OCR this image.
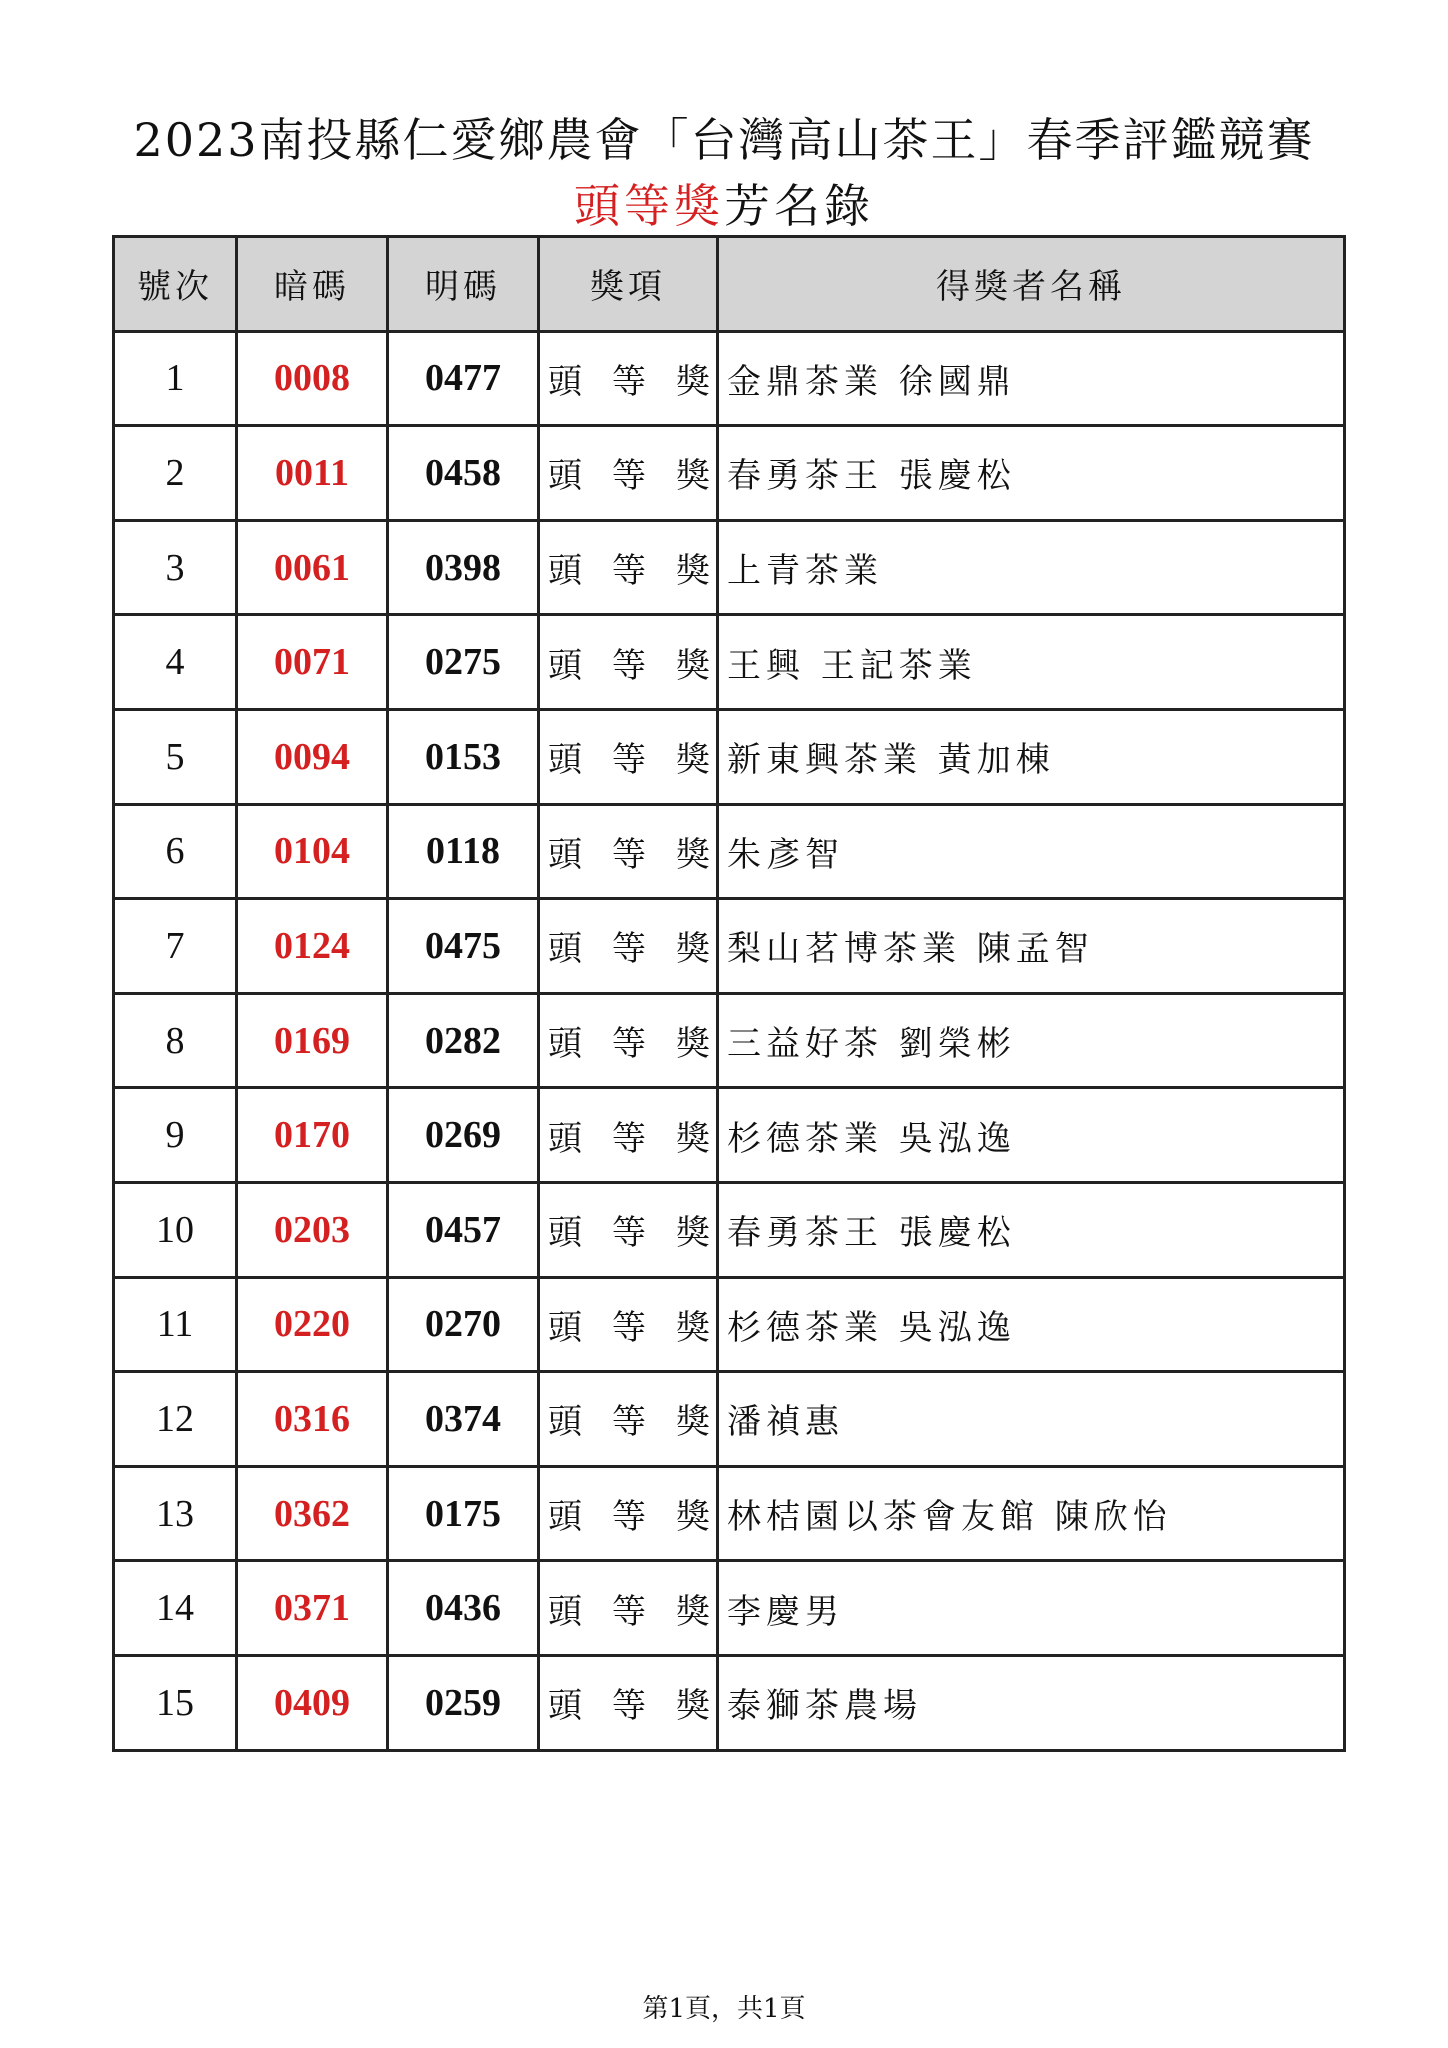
2023南投縣仁愛鄉農會「台灣高山茶王」春季評鑑競賽
頭等獎芳名錄
號次	暗碼	明碼	獎項	得獎者名稱
1	0008	0477	頭等獎	金鼎茶業 徐國鼎
2	0011	0458	頭等獎	春勇茶王 張慶松
3	0061	0398	頭等獎	上青茶業
4	0071	0275	頭等獎	王興 王記茶業
5	0094	0153	頭等獎	新東興茶業 黃加棟
6	0104	0118	頭等獎	朱彥智
7	0124	0475	頭等獎	梨山茗博茶業 陳孟智
8	0169	0282	頭等獎	三益好茶 劉榮彬
9	0170	0269	頭等獎	杉德茶業 吳泓逸
10	0203	0457	頭等獎	春勇茶王 張慶松
11	0220	0270	頭等獎	杉德茶業 吳泓逸
12	0316	0374	頭等獎	潘禎惠
13	0362	0175	頭等獎	林桔園以茶會友館 陳欣怡
14	0371	0436	頭等獎	李慶男
15	0409	0259	頭等獎	泰獅茶農場
第1頁，共1頁
